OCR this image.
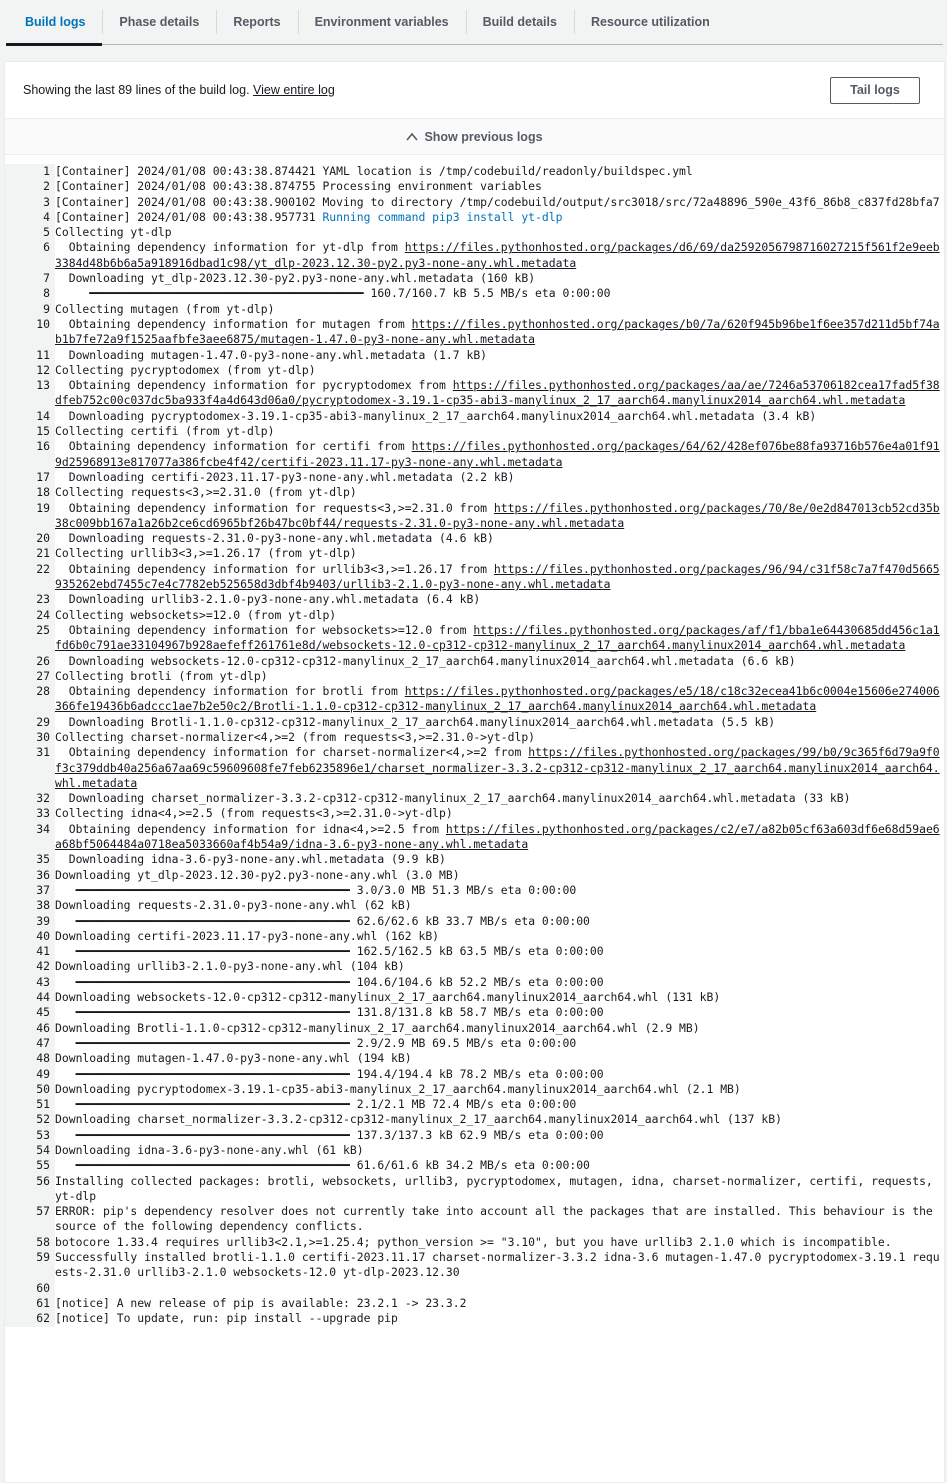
Build logs	Phase details	Reports	Environment variables	Build details	Resource utilization
Showing the last 89 lines of the build log. View entire log	Tail logs
Show previous logs
1 [Container] 2024/01/08 00:43:38.874421 YAML location is /tmp/codebuild/readonly/buildspec.yml
2 [Container] 2024/01/08 00:43:38.874755 Processing environment variables
3 [Container] 2024/01/08 00:43:38.900102 Moving to directory /tmp/codebuild/output/src3018/src/72a48896_590e_43f6_86b8_c837fd28bfa7
4 [Container] 2024/01/08 00:43:38.957731 Running command pip3 install yt-dlp
5 Collecting yt-dlp
6 Obtaining dependency information for yt-dlp from https://files.pythonhosted.org/packages/d6/69/da2592056798716027215f561f2e9eeb3384d48b6b6a5a918916dbad1c98/yt_dlp-2023.12.30-py2.py3-none-any.whl.metadata
7 Downloading yt_dlp-2023.12.30-py2.py3-none-any.whl.metadata (160 kB)
8 ━━━━━━━━━━━━━━━━━━━━━━━━━━━━━━━━━━━━━━━━ 160.7/160.7 kB 5.5 MB/s eta 0:00:00
9 Collecting mutagen (from yt-dlp)
10 Obtaining dependency information for mutagen from https://files.pythonhosted.org/packages/b0/7a/620f945b96be1f6ee357d211d5bf74ab1b7fe72a9f1525aafbfe3aee6875/mutagen-1.47.0-py3-none-any.whl.metadata
11 Downloading mutagen-1.47.0-py3-none-any.whl.metadata (1.7 kB)
12 Collecting pycryptodomex (from yt-dlp)
13 Obtaining dependency information for pycryptodomex from https://files.pythonhosted.org/packages/aa/ae/7246a53706182cea17fad5f38dfeb752c00c037dc5ba933f4a4d643d06a0/pycryptodomex-3.19.1-cp35-abi3-manylinux_2_17_aarch64.manylinux2014_aarch64.whl.metadata
14 Downloading pycryptodomex-3.19.1-cp35-abi3-manylinux_2_17_aarch64.manylinux2014_aarch64.whl.metadata (3.4 kB)
15 Collecting certifi (from yt-dlp)
16 Obtaining dependency information for certifi from https://files.pythonhosted.org/packages/64/62/428ef076be88fa93716b576e4a01f919d25968913e817077a386fcbe4f42/certifi-2023.11.17-py3-none-any.whl.metadata
17 Downloading certifi-2023.11.17-py3-none-any.whl.metadata (2.2 kB)
18 Collecting requests<3,>=2.31.0 (from yt-dlp)
19 Obtaining dependency information for requests<3,>=2.31.0 from https://files.pythonhosted.org/packages/70/8e/0e2d847013cb52cd35b38c009bb167a1a26b2ce6cd6965bf26b47bc0bf44/requests-2.31.0-py3-none-any.whl.metadata
20 Downloading requests-2.31.0-py3-none-any.whl.metadata (4.6 kB)
21 Collecting urllib3<3,>=1.26.17 (from yt-dlp)
22 Obtaining dependency information for urllib3<3,>=1.26.17 from https://files.pythonhosted.org/packages/96/94/c31f58c7a7f470d5665935262ebd7455c7e4c7782eb525658d3dbf4b9403/urllib3-2.1.0-py3-none-any.whl.metadata
23 Downloading urllib3-2.1.0-py3-none-any.whl.metadata (6.4 kB)
24 Collecting websockets>=12.0 (from yt-dlp)
25 Obtaining dependency information for websockets>=12.0 from https://files.pythonhosted.org/packages/af/f1/bba1e64430685dd456c1a1fd6b0c791ae33104967b928aefeff261761e8d/websockets-12.0-cp312-cp312-manylinux_2_17_aarch64.manylinux2014_aarch64.whl.metadata
26 Downloading websockets-12.0-cp312-cp312-manylinux_2_17_aarch64.manylinux2014_aarch64.whl.metadata (6.6 kB)
27 Collecting brotli (from yt-dlp)
28 Obtaining dependency information for brotli from https://files.pythonhosted.org/packages/e5/18/c18c32ecea41b6c0004e15606e274006366fe19436b6adccc1ae7b2e50c2/Brotli-1.1.0-cp312-cp312-manylinux_2_17_aarch64.manylinux2014_aarch64.whl.metadata
29 Downloading Brotli-1.1.0-cp312-cp312-manylinux_2_17_aarch64.manylinux2014_aarch64.whl.metadata (5.5 kB)
30 Collecting charset-normalizer<4,>=2 (from requests<3,>=2.31.0->yt-dlp)
31 Obtaining dependency information for charset-normalizer<4,>=2 from https://files.pythonhosted.org/packages/99/b0/9c365f6d79a9f0f3c379ddb40a256a67aa69c59609608fe7feb6235896e1/charset_normalizer-3.3.2-cp312-cp312-manylinux_2_17_aarch64.manylinux2014_aarch64.whl.metadata
32 Downloading charset_normalizer-3.3.2-cp312-cp312-manylinux_2_17_aarch64.manylinux2014_aarch64.whl.metadata (33 kB)
33 Collecting idna<4,>=2.5 (from requests<3,>=2.31.0->yt-dlp)
34 Obtaining dependency information for idna<4,>=2.5 from https://files.pythonhosted.org/packages/c2/e7/a82b05cf63a603df6e68d59ae6a68bf5064484a0718ea5033660af4b54a9/idna-3.6-py3-none-any.whl.metadata
35 Downloading idna-3.6-py3-none-any.whl.metadata (9.9 kB)
36 Downloading yt_dlp-2023.12.30-py2.py3-none-any.whl (3.0 MB)
37 ━━━━━━━━━━━━━━━━━━━━━━━━━━━━━━━━━━━━━━━━ 3.0/3.0 MB 51.3 MB/s eta 0:00:00
38 Downloading requests-2.31.0-py3-none-any.whl (62 kB)
39 ━━━━━━━━━━━━━━━━━━━━━━━━━━━━━━━━━━━━━━━━ 62.6/62.6 kB 33.7 MB/s eta 0:00:00
40 Downloading certifi-2023.11.17-py3-none-any.whl (162 kB)
41 ━━━━━━━━━━━━━━━━━━━━━━━━━━━━━━━━━━━━━━━━ 162.5/162.5 kB 63.5 MB/s eta 0:00:00
42 Downloading urllib3-2.1.0-py3-none-any.whl (104 kB)
43 ━━━━━━━━━━━━━━━━━━━━━━━━━━━━━━━━━━━━━━━━ 104.6/104.6 kB 52.2 MB/s eta 0:00:00
44 Downloading websockets-12.0-cp312-cp312-manylinux_2_17_aarch64.manylinux2014_aarch64.whl (131 kB)
45 ━━━━━━━━━━━━━━━━━━━━━━━━━━━━━━━━━━━━━━━━ 131.8/131.8 kB 58.7 MB/s eta 0:00:00
46 Downloading Brotli-1.1.0-cp312-cp312-manylinux_2_17_aarch64.manylinux2014_aarch64.whl (2.9 MB)
47 ━━━━━━━━━━━━━━━━━━━━━━━━━━━━━━━━━━━━━━━━ 2.9/2.9 MB 69.5 MB/s eta 0:00:00
48 Downloading mutagen-1.47.0-py3-none-any.whl (194 kB)
49 ━━━━━━━━━━━━━━━━━━━━━━━━━━━━━━━━━━━━━━━━ 194.4/194.4 kB 78.2 MB/s eta 0:00:00
50 Downloading pycryptodomex-3.19.1-cp35-abi3-manylinux_2_17_aarch64.manylinux2014_aarch64.whl (2.1 MB)
51 ━━━━━━━━━━━━━━━━━━━━━━━━━━━━━━━━━━━━━━━━ 2.1/2.1 MB 72.4 MB/s eta 0:00:00
52 Downloading charset_normalizer-3.3.2-cp312-cp312-manylinux_2_17_aarch64.manylinux2014_aarch64.whl (137 kB)
53 ━━━━━━━━━━━━━━━━━━━━━━━━━━━━━━━━━━━━━━━━ 137.3/137.3 kB 62.9 MB/s eta 0:00:00
54 Downloading idna-3.6-py3-none-any.whl (61 kB)
55 ━━━━━━━━━━━━━━━━━━━━━━━━━━━━━━━━━━━━━━━━ 61.6/61.6 kB 34.2 MB/s eta 0:00:00
56 Installing collected packages: brotli, websockets, urllib3, pycryptodomex, mutagen, idna, charset-normalizer, certifi, requests, yt-dlp
57 ERROR: pip's dependency resolver does not currently take into account all the packages that are installed. This behaviour is the source of the following dependency conflicts.
58 botocore 1.33.4 requires urllib3<2.1,>=1.25.4; python_version >= "3.10", but you have urllib3 2.1.0 which is incompatible.
59 Successfully installed brotli-1.1.0 certifi-2023.11.17 charset-normalizer-3.3.2 idna-3.6 mutagen-1.47.0 pycryptodomex-3.19.1 requests-2.31.0 urllib3-2.1.0 websockets-12.0 yt-dlp-2023.12.30
60
61 [notice] A new release of pip is available: 23.2.1 -> 23.3.2
62 [notice] To update, run: pip install --upgrade pip
